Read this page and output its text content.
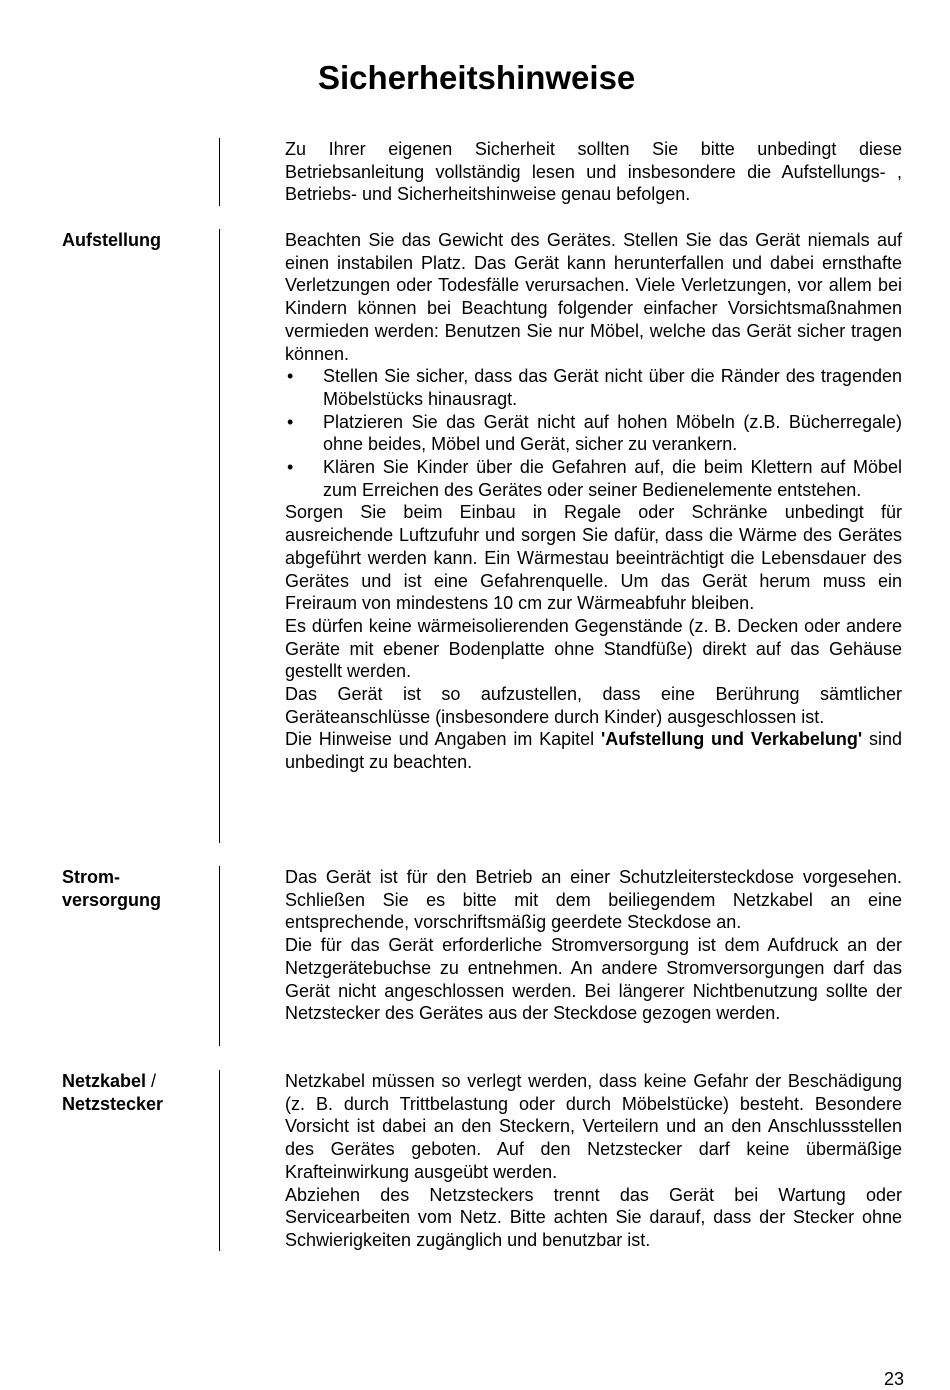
Sicherheitshinweise

Zu Ihrer eigenen Sicherheit sollten Sie bitte unbedingt diese Betriebsanleitung vollständig lesen und insbesondere die Aufstellungs- , Betriebs- und Sicherheitshinweise genau befolgen.

Aufstellung	Beachten Sie das Gewicht des Gerätes. Stellen Sie das Gerät niemals auf einen instabilen Platz. Das Gerät kann herunterfallen und dabei ernsthafte Verletzungen oder Todesfälle verursachen. Viele Verletzungen, vor allem bei Kindern können bei Beachtung folgender einfacher Vorsichtsmaßnahmen vermieden werden: Benutzen Sie nur Möbel, welche das Gerät sicher tragen können.

• Stellen Sie sicher, dass das Gerät nicht über die Ränder des tragenden Möbelstücks hinausragt.
• Platzieren Sie das Gerät nicht auf hohen Möbeln (z.B. Bücherregale) ohne beides, Möbel und Gerät, sicher zu verankern.
• Klären Sie Kinder über die Gefahren auf, die beim Klettern auf Möbel zum Erreichen des Gerätes oder seiner Bedienelemente entstehen.

Sorgen Sie beim Einbau in Regale oder Schränke unbedingt für ausreichende Luftzufuhr und sorgen Sie dafür, dass die Wärme des Gerätes abgeführt werden kann. Ein Wärmestau beeinträchtigt die Lebensdauer des Gerätes und ist eine Gefahrenquelle. Um das Gerät herum muss ein Freiraum von mindestens 10 cm zur Wärmeabfuhr bleiben.

Es dürfen keine wärmeisolierenden Gegenstände (z. B. Decken oder andere Geräte mit ebener Bodenplatte ohne Standfüße) direkt auf das Gehäuse gestellt werden.

Das Gerät ist so aufzustellen, dass eine Berührung sämtlicher Geräteanschlüsse (insbesondere durch Kinder) ausgeschlossen ist.

Die Hinweise und Angaben im Kapitel 'Aufstellung und Verkabelung' sind unbedingt zu beachten.

Strom-
versorgung

Das Gerät ist für den Betrieb an einer Schutzleitersteckdose vorgesehen. Schließen Sie es bitte mit dem beiliegendem Netzkabel an eine entsprechende, vorschriftsmäßig geerdete Steckdose an.

Die für das Gerät erforderliche Stromversorgung ist dem Aufdruck an der Netzgerätebuchse zu entnehmen. An andere Stromversorgungen darf das Gerät nicht angeschlossen werden. Bei längerer Nichtbenutzung sollte der Netzstecker des Gerätes aus der Steckdose gezogen werden.

Netzkabel /
Netzstecker

Netzkabel müssen so verlegt werden, dass keine Gefahr der Beschädigung (z. B. durch Trittbelastung oder durch Möbelstücke) besteht. Besondere Vorsicht ist dabei an den Steckern, Verteilern und an den Anschlussstellen des Gerätes geboten. Auf den Netzstecker darf keine übermäßige Krafteinwirkung ausgeübt werden.

Abziehen des Netzsteckers trennt das Gerät bei Wartung oder Servicearbeiten vom Netz. Bitte achten Sie darauf, dass der Stecker ohne Schwierigkeiten zugänglich und benutzbar ist.

23
